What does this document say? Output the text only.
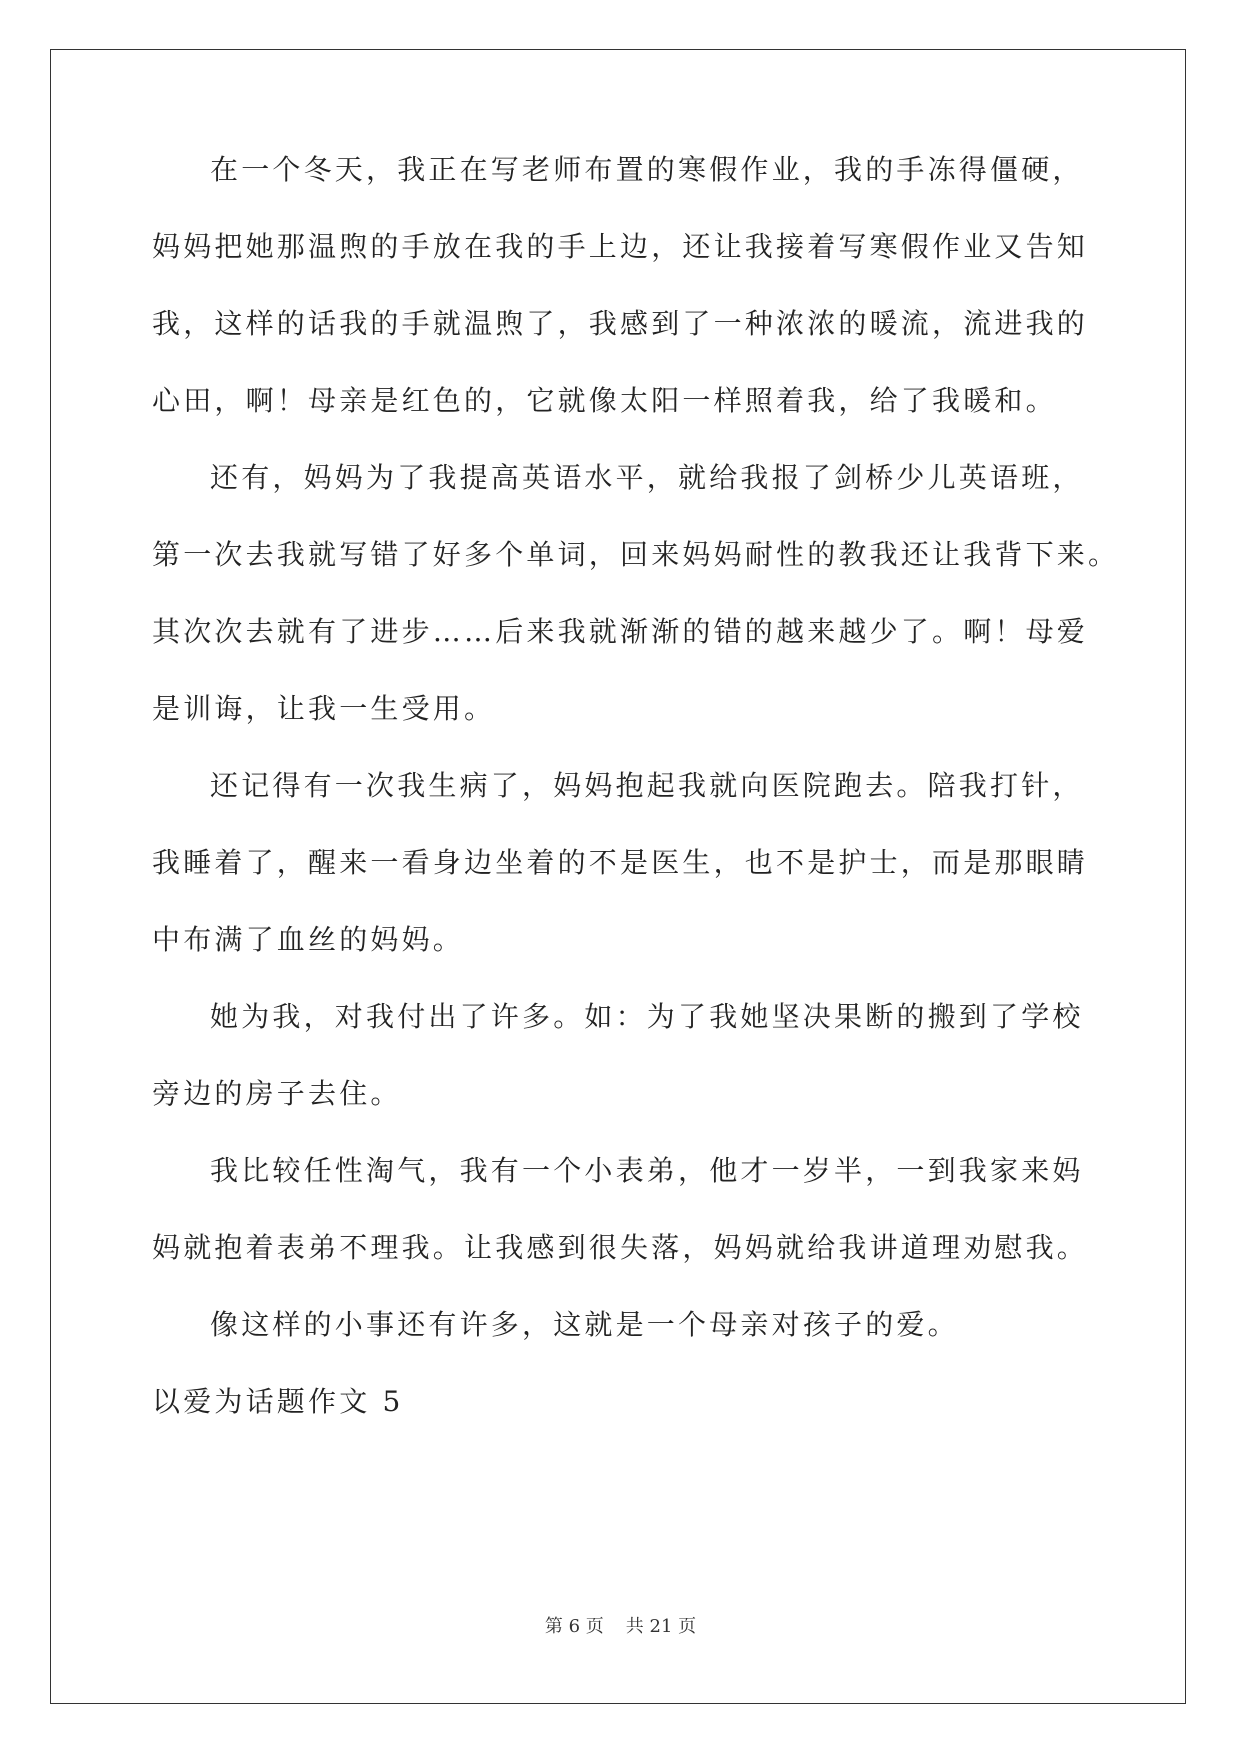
在一个冬天，我正在写老师布置的寒假作业，我的手冻得僵硬，
妈妈把她那温煦的手放在我的手上边，还让我接着写寒假作业又告知
我，这样的话我的手就温煦了，我感到了一种浓浓的暖流，流进我的
心田，啊！母亲是红色的，它就像太阳一样照着我，给了我暖和。
还有，妈妈为了我提高英语水平，就给我报了剑桥少儿英语班，
第一次去我就写错了好多个单词，回来妈妈耐性的教我还让我背下来。
其次次去就有了进步……后来我就渐渐的错的越来越少了。啊！母爱
是训诲，让我一生受用。
还记得有一次我生病了，妈妈抱起我就向医院跑去。陪我打针，
我睡着了，醒来一看身边坐着的不是医生，也不是护士，而是那眼睛
中布满了血丝的妈妈。
她为我，对我付出了许多。如：为了我她坚决果断的搬到了学校
旁边的房子去住。
我比较任性淘气，我有一个小表弟，他才一岁半，一到我家来妈
妈就抱着表弟不理我。让我感到很失落，妈妈就给我讲道理劝慰我。
像这样的小事还有许多，这就是一个母亲对孩子的爱。
以爱为话题作文 5
第 6 页 共 21 页
